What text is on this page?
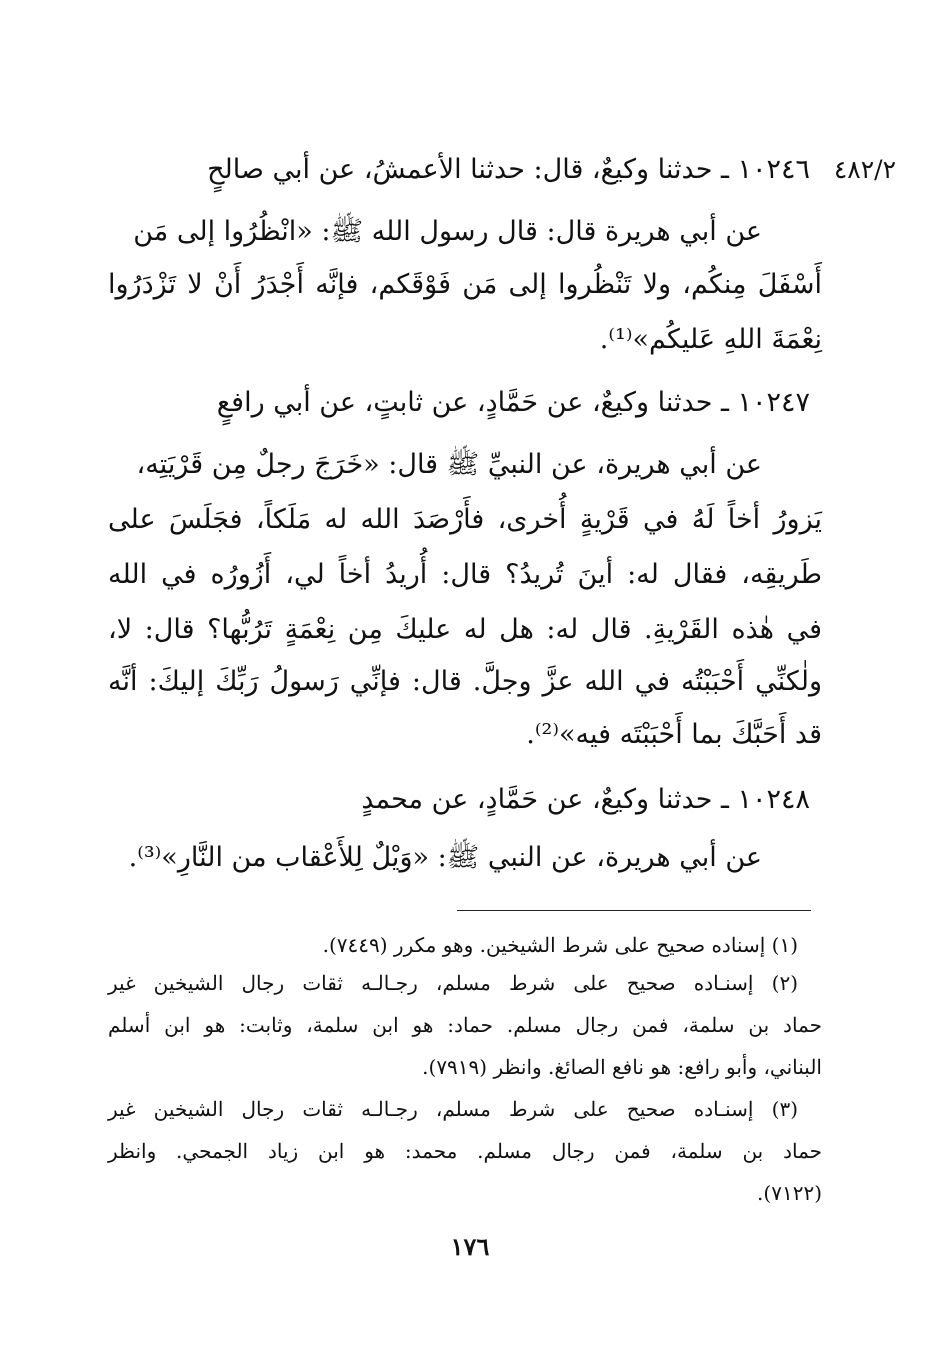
٤٨٢/٢
١٠٢٤٦ ـ حدثنا وكيعٌ، قال: حدثنا الأعمشُ، عن أبي صالحٍ
عن أبي هريرة قال: قال رسول الله ﷺ: «انْظُرُوا إلى مَن
أَسْفَلَ مِنكُم، ولا تَنْظُروا إلى مَن فَوْقَكم، فإنَّه أَجْدَرُ أَنْ لا تَزْدَرُوا
نِعْمَةَ اللهِ عَليكُم»⁽¹⁾.
١٠٢٤٧ ـ حدثنا وكيعٌ، عن حَمَّادٍ، عن ثابتٍ، عن أبي رافعٍ
عن أبي هريرة، عن النبيِّ ﷺ قال: «خَرَجَ رجلٌ مِن قَرْيَتِه،
يَزورُ أخاً لَهُ في قَرْيةٍ أُخرى، فأَرْصَدَ الله له مَلَكاً، فجَلَسَ على
طَريقِه، فقال له: أينَ تُريدُ؟ قال: أُريدُ أخاً لي، أَزُورُه في الله
في هٰذه القَرْيةِ. قال له: هل له عليكَ مِن نِعْمَةٍ تَرُبُّها؟ قال: لا،
ولٰكنِّي أَحْبَبْتُه في الله عزَّ وجلَّ. قال: فإنِّي رَسولُ رَبِّكَ إليكَ: أنَّه
قد أَحَبَّكَ بما أَحْبَبْتَه فيه»⁽²⁾.
١٠٢٤٨ ـ حدثنا وكيعٌ، عن حَمَّادٍ، عن محمدٍ
عن أبي هريرة، عن النبي ﷺ: «وَيْلٌ لِلأَعْقاب من النَّارِ»⁽³⁾.
(١) إسناده صحيح على شرط الشيخين. وهو مكرر (٧٤٤٩).
(٢) إسنـاده صحيح على شرط مسلم، رجـالـه ثقات رجال الشيخين غير
حماد بن سلمة، فمن رجال مسلم. حماد: هو ابن سلمة، وثابت: هو ابن أسلم
البناني، وأبو رافع: هو نافع الصائغ. وانظر (٧٩١٩).
(٣) إسنـاده صحيح على شرط مسلم، رجـالـه ثقات رجال الشيخين غير
حماد بن سلمة، فمن رجال مسلم. محمد: هو ابن زياد الجمحي. وانظر
(٧١٢٢).
١٧٦
